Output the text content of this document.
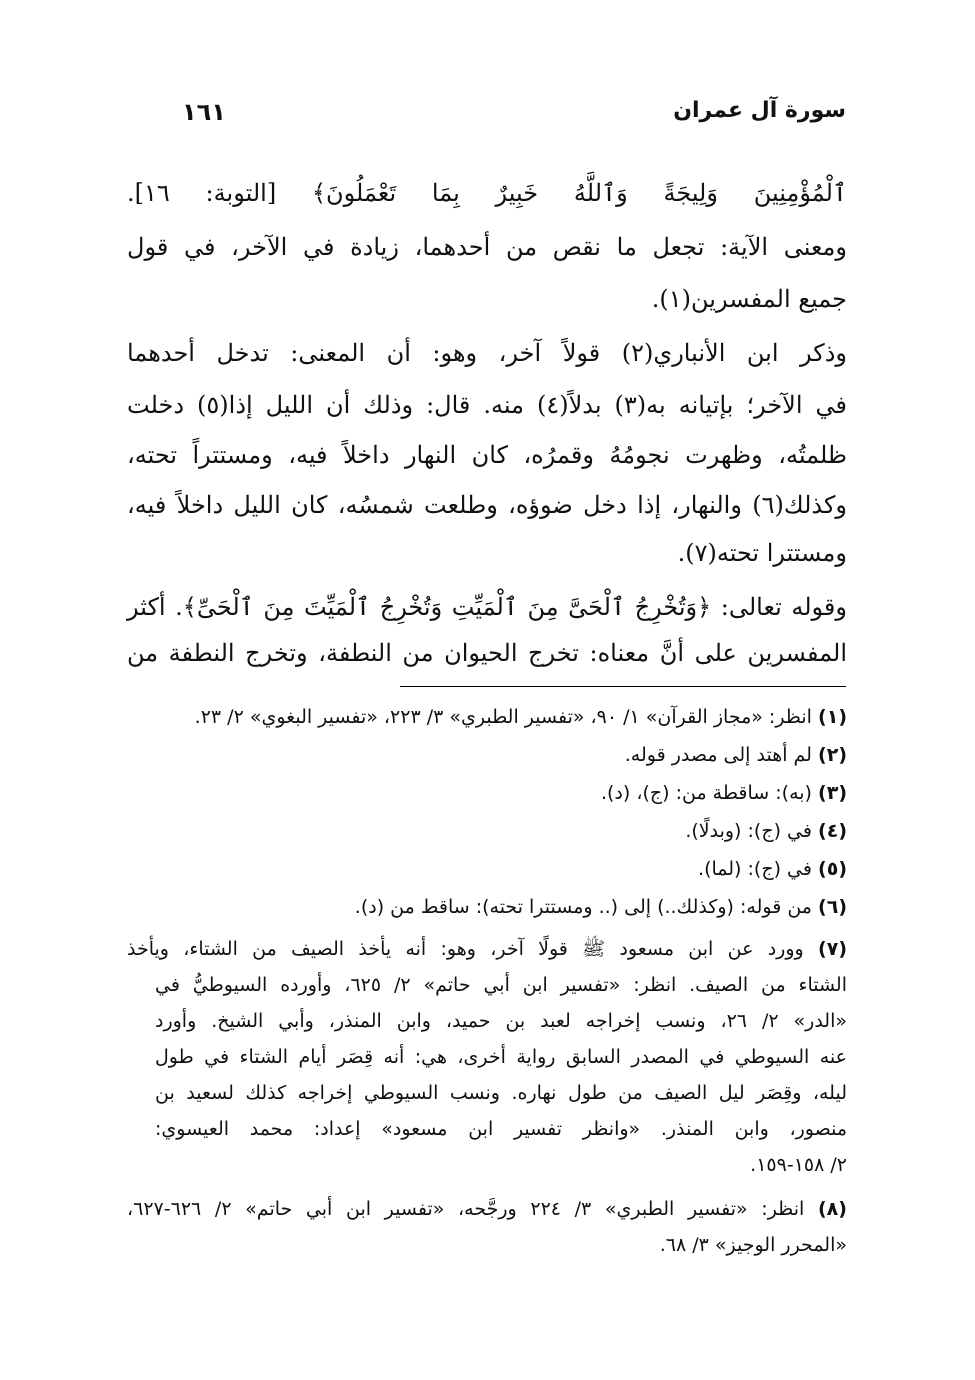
سورة آل عمران
١٦١
ٱلْمُؤْمِنِينَ وَلِيجَةً وَٱللَّهُ خَبِيرٌ بِمَا تَعْمَلُونَ﴾ [التوبة: ١٦].
ومعنى الآية: تجعل ما نقص من أحدهما، زيادة في الآخر، في قول
جميع المفسرين(١).
وذكر ابن الأنباري(٢) قولاً آخر، وهو: أن المعنى: تدخل أحدهما
في الآخر؛ بإتيانه به(٣) بدلاً(٤) منه. قال: وذلك أن الليل إذا(٥) دخلت
ظلمتُه، وظهرت نجومُهُ وقمرُه، كان النهار داخلاً فيه، ومستتراً تحته،
وكذلك(٦) والنهار، إذا دخل ضوؤه، وطلعت شمسُه، كان الليل داخلاً فيه،
ومستترا تحته(٧).
وقوله تعالى: ﴿وَتُخْرِجُ ٱلْحَىَّ مِنَ ٱلْمَيِّتِ وَتُخْرِجُ ٱلْمَيِّتَ مِنَ ٱلْحَىِّ﴾. أكثر
المفسرين على أنَّ معناه: تخرج الحيوان من النطفة، وتخرج النطفة من
(١) انظر: «مجاز القرآن» ١/ ٩٠، «تفسير الطبري» ٣/ ٢٢٣، «تفسير البغوي» ٢/ ٢٣.
(٢) لم أهتد إلى مصدر قوله.
(٣) (به): ساقطة من: (ج)، (د).
(٤) في (ج): (وبدلًا).
(٥) في (ج): (لما).
(٦) من قوله: (وكذلك..) إلى (.. ومستترا تحته): ساقط من (د).
(٧) وورد عن ابن مسعود ﷺ قولًا آخر، وهو: أنه يأخذ الصيف من الشتاء، ويأخذ
الشتاء من الصيف. انظر: «تفسير ابن أبي حاتم» ٢/ ٦٢٥، وأورده السيوطيُّ في
«الدر» ٢/ ٢٦، ونسب إخراجه لعبد بن حميد، وابن المنذر، وأبي الشيخ. وأورد
عنه السيوطي في المصدر السابق رواية أخرى، هي: أنه قِصَر أيام الشتاء في طول
ليله، وقِصَر ليل الصيف من طول نهاره. ونسب السيوطي إخراجه كذلك لسعيد بن
منصور، وابن المنذر. «وانظر تفسير ابن مسعود» إعداد: محمد العيسوي:
٢/ ١٥٨-١٥٩.
(٨) انظر: «تفسير الطبري» ٣/ ٢٢٤ ورجَّحه، «تفسير ابن أبي حاتم» ٢/ ٦٢٦-٦٢٧،
«المحرر الوجيز» ٣/ ٦٨.
